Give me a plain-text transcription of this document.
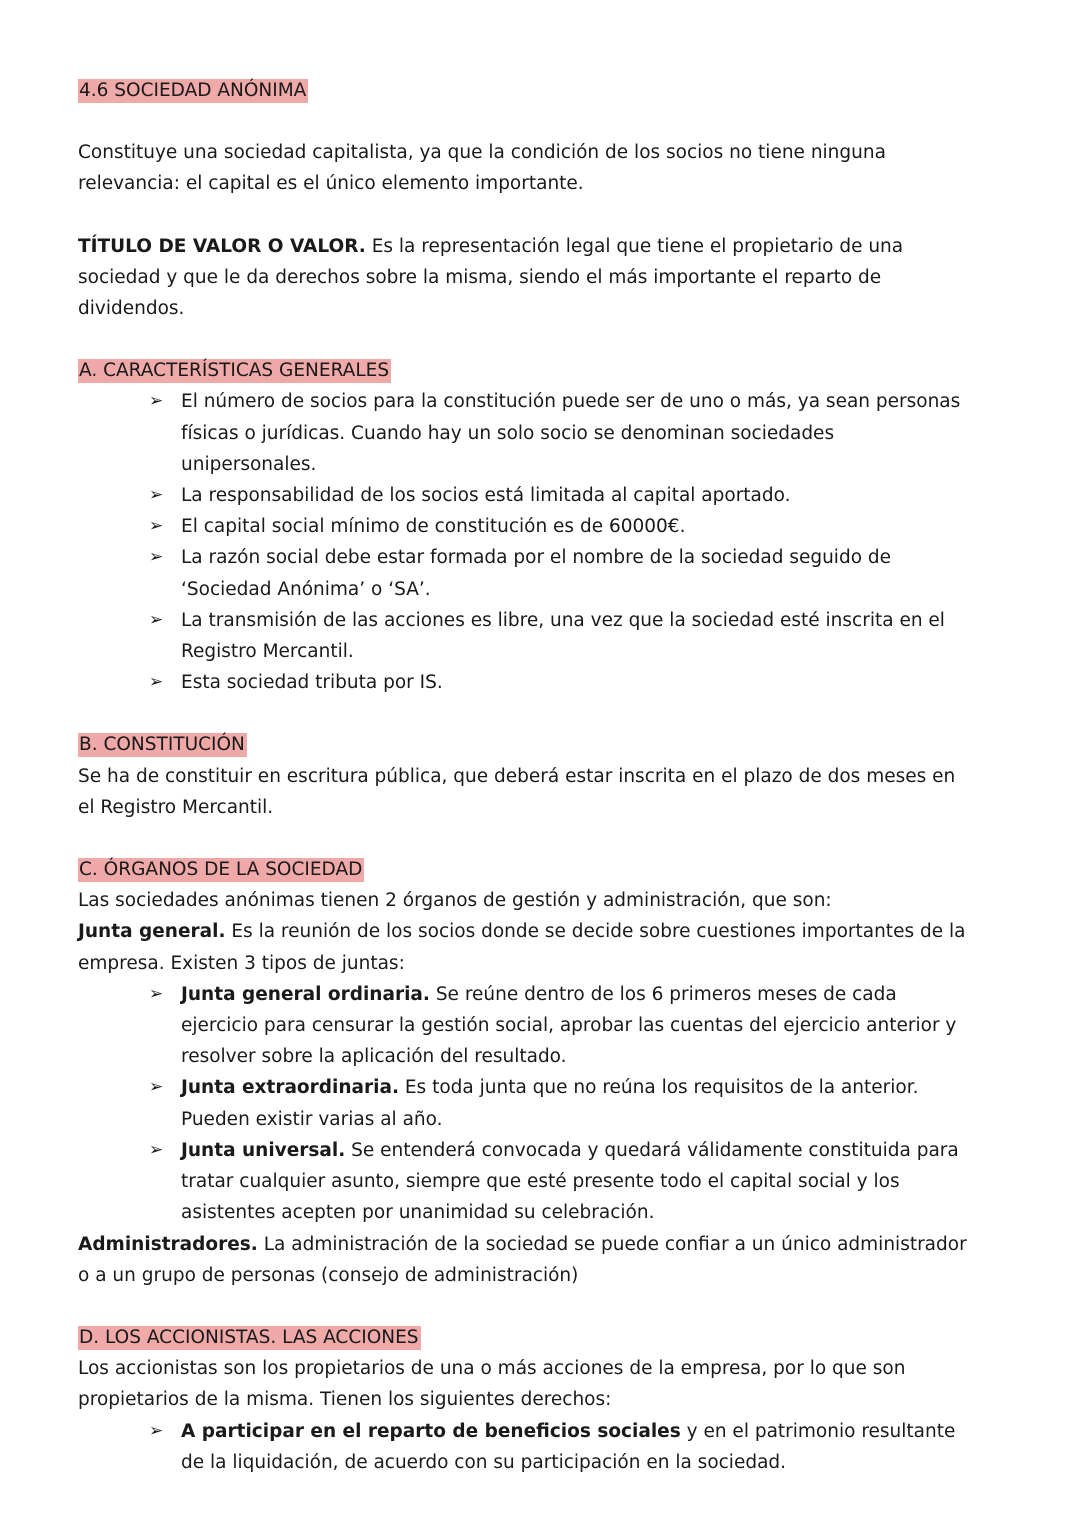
4.6 SOCIEDAD ANÓNIMA

Constituye una sociedad capitalista, ya que la condición de los socios no tiene ninguna relevancia: el capital es el único elemento importante.

TÍTULO DE VALOR O VALOR. Es la representación legal que tiene el propietario de una sociedad y que le da derechos sobre la misma, siendo el más importante el reparto de dividendos.

A. CARACTERÍSTICAS GENERALES

➢ El número de socios para la constitución puede ser de uno o más, ya sean personas físicas o jurídicas. Cuando hay un solo socio se denominan sociedades unipersonales.
➢ La responsabilidad de los socios está limitada al capital aportado.
➢ El capital social mínimo de constitución es de 60000€.
➢ La razón social debe estar formada por el nombre de la sociedad seguido de ‘Sociedad Anónima’ o ‘SA’.
➢ La transmisión de las acciones es libre, una vez que la sociedad esté inscrita en el Registro Mercantil.
➢ Esta sociedad tributa por IS.

B. CONSTITUCIÓN

Se ha de constituir en escritura pública, que deberá estar inscrita en el plazo de dos meses en el Registro Mercantil.

C. ÓRGANOS DE LA SOCIEDAD

Las sociedades anónimas tienen 2 órganos de gestión y administración, que son:

Junta general. Es la reunión de los socios donde se decide sobre cuestiones importantes de la empresa. Existen 3 tipos de juntas:

➢ Junta general ordinaria. Se reúne dentro de los 6 primeros meses de cada ejercicio para censurar la gestión social, aprobar las cuentas del ejercicio anterior y resolver sobre la aplicación del resultado.
➢ Junta extraordinaria. Es toda junta que no reúna los requisitos de la anterior. Pueden existir varias al año.
➢ Junta universal. Se entenderá convocada y quedará válidamente constituida para tratar cualquier asunto, siempre que esté presente todo el capital social y los asistentes acepten por unanimidad su celebración.

Administradores. La administración de la sociedad se puede confiar a un único administrador o a un grupo de personas (consejo de administración)

D. LOS ACCIONISTAS. LAS ACCIONES

Los accionistas son los propietarios de una o más acciones de la empresa, por lo que son propietarios de la misma. Tienen los siguientes derechos:

➢ A participar en el reparto de beneficios sociales y en el patrimonio resultante de la liquidación, de acuerdo con su participación en la sociedad.
